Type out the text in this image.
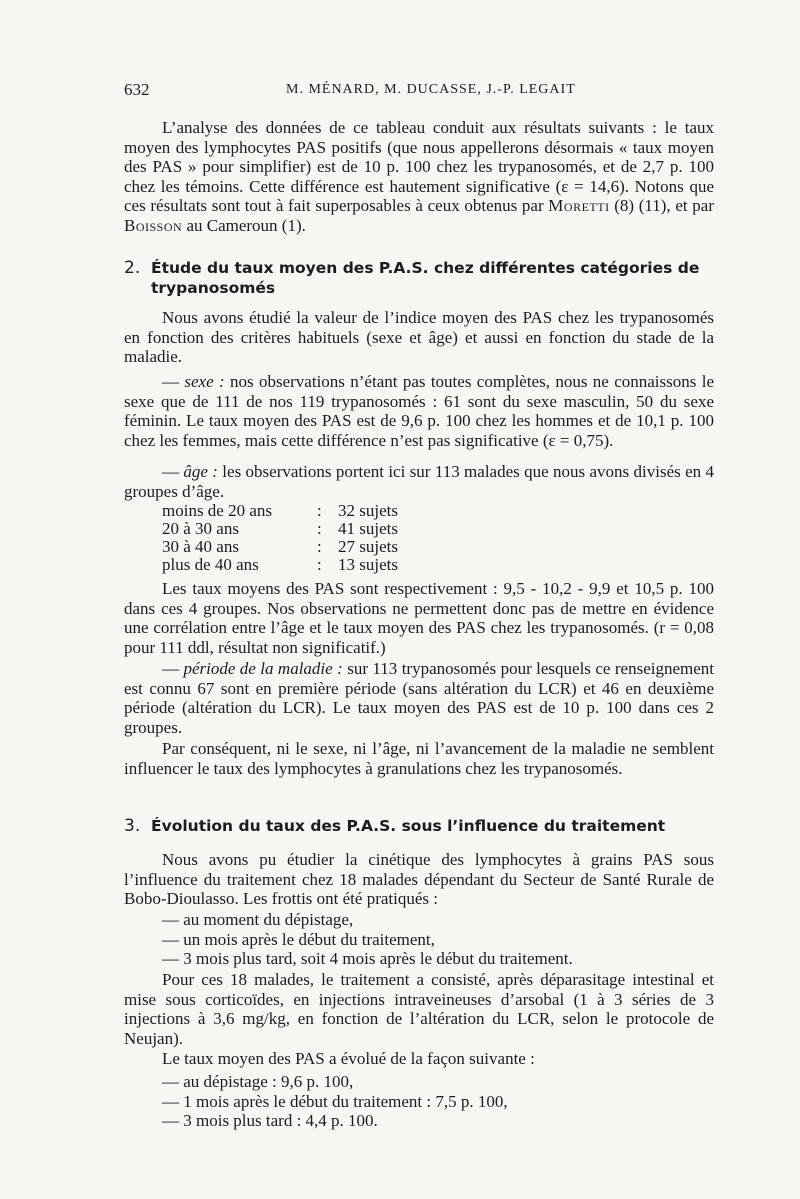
632	M. MÉNARD, M. DUCASSE, J.-P. LEGAIT

L’analyse des données de ce tableau conduit aux résultats suivants : le taux moyen des lymphocytes PAS positifs (que nous appellerons désormais « taux moyen des PAS » pour simplifier) est de 10 p. 100 chez les trypanosomés, et de 2,7 p. 100 chez les témoins. Cette différence est hautement significative (ε = 14,6). Notons que ces résultats sont tout à fait superposables à ceux obtenus par Moretti (8) (11), et par Boisson au Cameroun (1).

2. Étude du taux moyen des P.A.S. chez différentes catégories de trypanosomés

Nous avons étudié la valeur de l’indice moyen des PAS chez les trypanosomés en fonction des critères habituels (sexe et âge) et aussi en fonction du stade de la maladie.

— sexe : nos observations n’étant pas toutes complètes, nous ne connaissons le sexe que de 111 de nos 119 trypanosomés : 61 sont du sexe masculin, 50 du sexe féminin. Le taux moyen des PAS est de 9,6 p. 100 chez les hommes et de 10,1 p. 100 chez les femmes, mais cette différence n’est pas significative (ε = 0,75).

— âge : les observations portent ici sur 113 malades que nous avons divisés en 4 groupes d’âge.

moins de 20 ans	: 32 sujets
20 à 30 ans	: 41 sujets
30 à 40 ans	: 27 sujets
plus de 40 ans	: 13 sujets

Les taux moyens des PAS sont respectivement : 9,5 - 10,2 - 9,9 et 10,5 p. 100 dans ces 4 groupes. Nos observations ne permettent donc pas de mettre en évidence une corrélation entre l’âge et le taux moyen des PAS chez les trypanosomés. (r = 0,08 pour 111 ddl, résultat non significatif.)

— période de la maladie : sur 113 trypanosomés pour lesquels ce renseignement est connu 67 sont en première période (sans altération du LCR) et 46 en deuxième période (altération du LCR). Le taux moyen des PAS est de 10 p. 100 dans ces 2 groupes.

Par conséquent, ni le sexe, ni l’âge, ni l’avancement de la maladie ne semblent influencer le taux des lymphocytes à granulations chez les trypanosomés.

3. Évolution du taux des P.A.S. sous l’influence du traitement

Nous avons pu étudier la cinétique des lymphocytes à grains PAS sous l’influence du traitement chez 18 malades dépendant du Secteur de Santé Rurale de Bobo-Dioulasso. Les frottis ont été pratiqués :

— au moment du dépistage,
— un mois après le début du traitement,
— 3 mois plus tard, soit 4 mois après le début du traitement.

Pour ces 18 malades, le traitement a consisté, après déparasitage intestinal et mise sous corticoïdes, en injections intraveineuses d’arsobal (1 à 3 séries de 3 injections à 3,6 mg/kg, en fonction de l’altération du LCR, selon le protocole de Neujan).

Le taux moyen des PAS a évolué de la façon suivante :

— au dépistage : 9,6 p. 100,
— 1 mois après le début du traitement : 7,5 p. 100,
— 3 mois plus tard : 4,4 p. 100.
